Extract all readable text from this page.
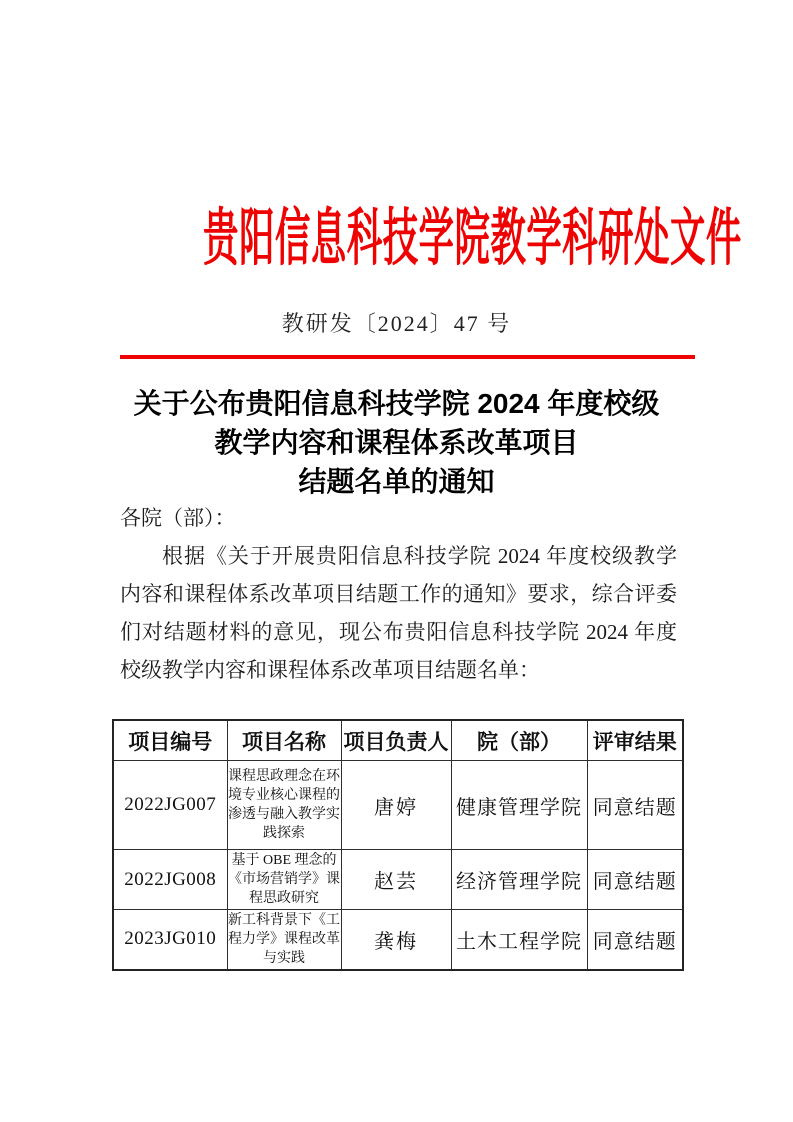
贵阳信息科技学院教学科研处文件
教研发〔2024〕47 号
关于公布贵阳信息科技学院 2024 年度校级
教学内容和课程体系改革项目
结题名单的通知
各院（部）：
根据《关于开展贵阳信息科技学院 2024 年度校级教学
内容和课程体系改革项目结题工作的通知》要求，综合评委
们对结题材料的意见，现公布贵阳信息科技学院 2024 年度
校级教学内容和课程体系改革项目结题名单：
项目编号	项目名称	项目负责人	院（部）	评审结果
2022JG007	课程思政理念在环境专业核心课程的渗透与融入教学实践探索	唐婷	健康管理学院	同意结题
2022JG008	基于 OBE 理念的《市场营销学》课程思政研究	赵芸	经济管理学院	同意结题
2023JG010	新工科背景下《工程力学》课程改革与实践	龚梅	土木工程学院	同意结题
